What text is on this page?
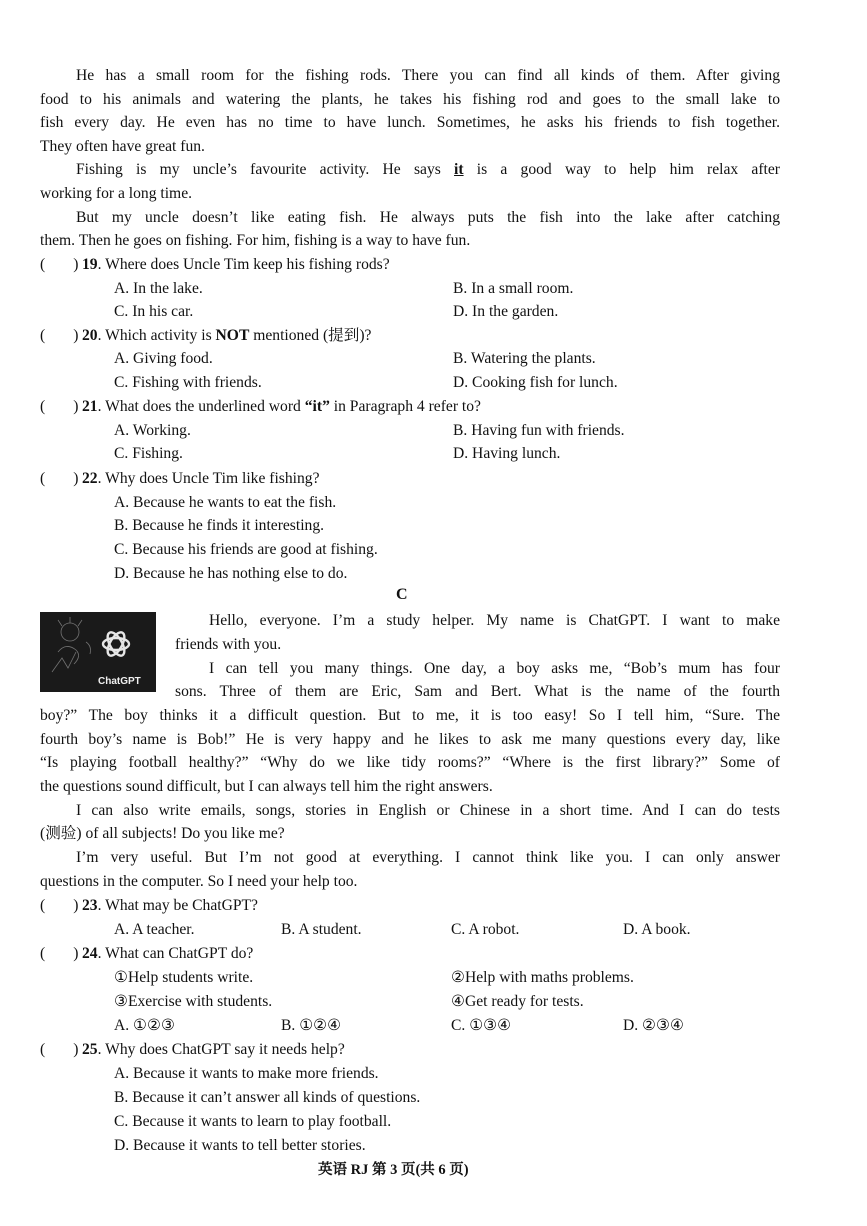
He has a small room for the fishing rods. There you can find all kinds of them. After giving
food to his animals and watering the plants, he takes his fishing rod and goes to the small lake to
fish every day. He even has no time to have lunch. Sometimes, he asks his friends to fish together.
They often have great fun.
Fishing is my uncle’s favourite activity. He says it is a good way to help him relax after
working for a long time.
But my uncle doesn’t like eating fish. He always puts the fish into the lake after catching
them. Then he goes on fishing. For him, fishing is a way to have fun.
( ) 19. Where does Uncle Tim keep his fishing rods?
A. In the lake.	B. In a small room.
C. In his car.	D. In the garden.
( ) 20. Which activity is NOT mentioned (提到)?
A. Giving food.	B. Watering the plants.
C. Fishing with friends.	D. Cooking fish for lunch.
( ) 21. What does the underlined word “it” in Paragraph 4 refer to?
A. Working.	B. Having fun with friends.
C. Fishing.	D. Having lunch.
( ) 22. Why does Uncle Tim like fishing?
A. Because he wants to eat the fish.
B. Because he finds it interesting.
C. Because his friends are good at fishing.
D. Because he has nothing else to do.
C
ChatGPT
Hello, everyone. I’m a study helper. My name is ChatGPT. I want to make
friends with you.
I can tell you many things. One day, a boy asks me, “Bob’s mum has four
sons. Three of them are Eric, Sam and Bert. What is the name of the fourth
boy?” The boy thinks it a difficult question. But to me, it is too easy! So I tell him, “Sure. The
fourth boy’s name is Bob!” He is very happy and he likes to ask me many questions every day, like
“Is playing football healthy?” “Why do we like tidy rooms?” “Where is the first library?” Some of
the questions sound difficult, but I can always tell him the right answers.
I can also write emails, songs, stories in English or Chinese in a short time. And I can do tests
(测验) of all subjects! Do you like me?
I’m very useful. But I’m not good at everything. I cannot think like you. I can only answer
questions in the computer. So I need your help too.
( ) 23. What may be ChatGPT?
A. A teacher.	B. A student.	C. A robot.	D. A book.
( ) 24. What can ChatGPT do?
①Help students write.	②Help with maths problems.
③Exercise with students.	④Get ready for tests.
A. ①②③	B. ①②④	C. ①③④	D. ②③④
( ) 25. Why does ChatGPT say it needs help?
A. Because it wants to make more friends.
B. Because it can’t answer all kinds of questions.
C. Because it wants to learn to play football.
D. Because it wants to tell better stories.
英语 RJ 第 3 页(共 6 页)
